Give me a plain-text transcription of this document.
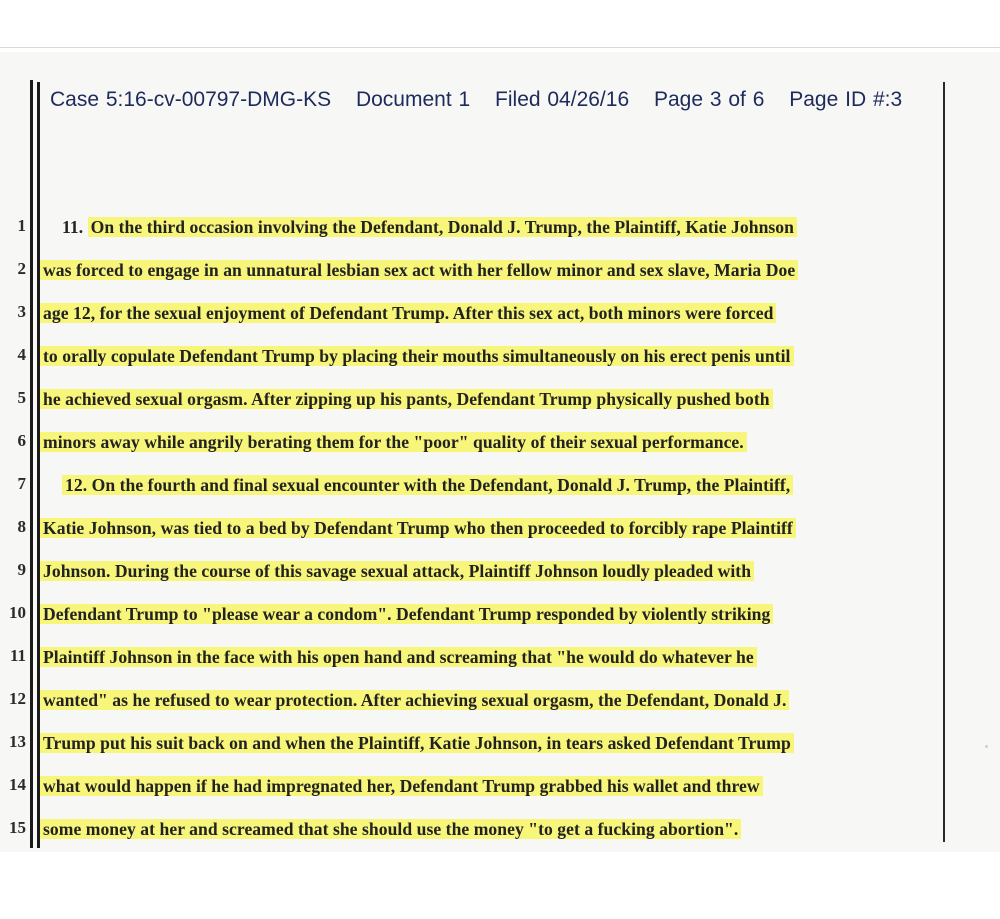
Case 5:16-cv-00797-DMG-KS Document 1 Filed 04/26/16 Page 3 of 6 Page ID #:3
1
2
3
4
5
6
7
8
9
10
11
12
13
14
15
11. On the third occasion involving the Defendant, Donald J. Trump, the Plaintiff, Katie Johnson
was forced to engage in an unnatural lesbian sex act with her fellow minor and sex slave, Maria Doe
age 12, for the sexual enjoyment of Defendant Trump. After this sex act, both minors were forced
to orally copulate Defendant Trump by placing their mouths simultaneously on his erect penis until
he achieved sexual orgasm. After zipping up his pants, Defendant Trump physically pushed both
minors away while angrily berating them for the "poor" quality of their sexual performance.
12. On the fourth and final sexual encounter with the Defendant, Donald J. Trump, the Plaintiff,
Katie Johnson, was tied to a bed by Defendant Trump who then proceeded to forcibly rape Plaintiff
Johnson. During the course of this savage sexual attack, Plaintiff Johnson loudly pleaded with
Defendant Trump to "please wear a condom". Defendant Trump responded by violently striking
Plaintiff Johnson in the face with his open hand and screaming that "he would do whatever he
wanted" as he refused to wear protection. After achieving sexual orgasm, the Defendant, Donald J.
Trump put his suit back on and when the Plaintiff, Katie Johnson, in tears asked Defendant Trump
what would happen if he had impregnated her, Defendant Trump grabbed his wallet and threw
some money at her and screamed that she should use the money "to get a fucking abortion".
